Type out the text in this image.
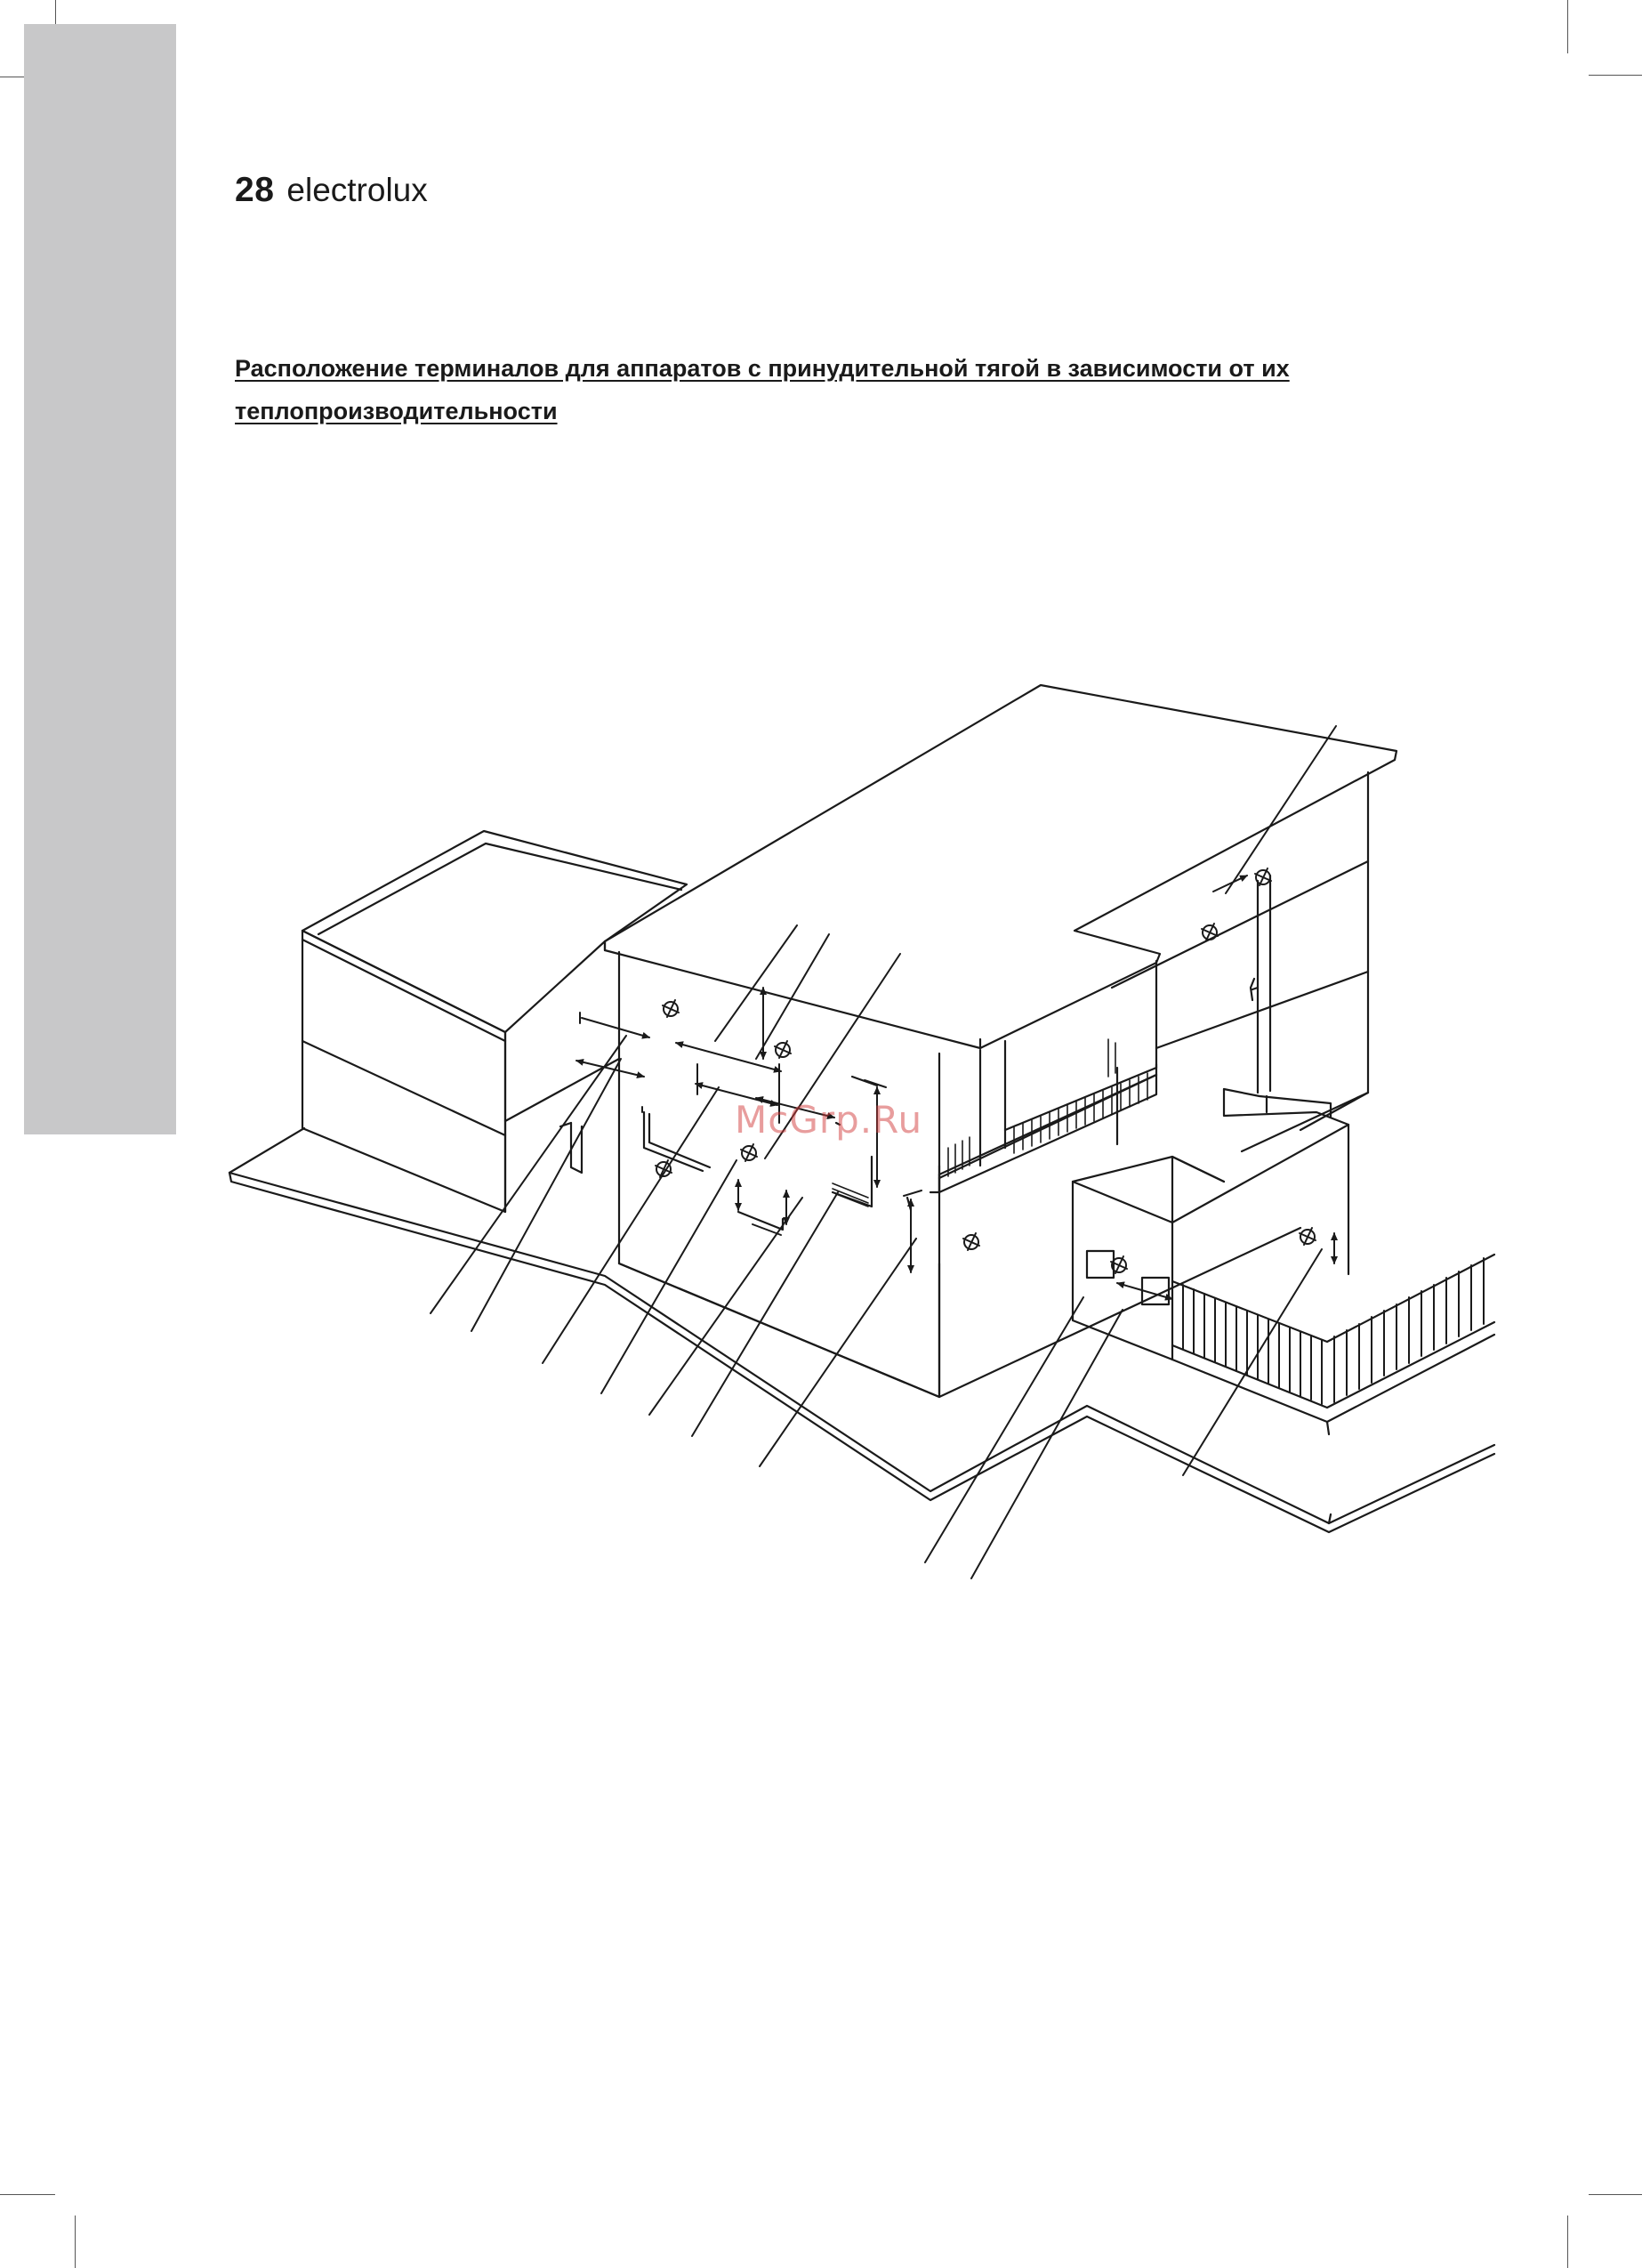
28 electrolux
Расположение терминалов для аппаратов с принудительной тягой в зависимости от их
теплопроизводительности
McGrp.Ru
